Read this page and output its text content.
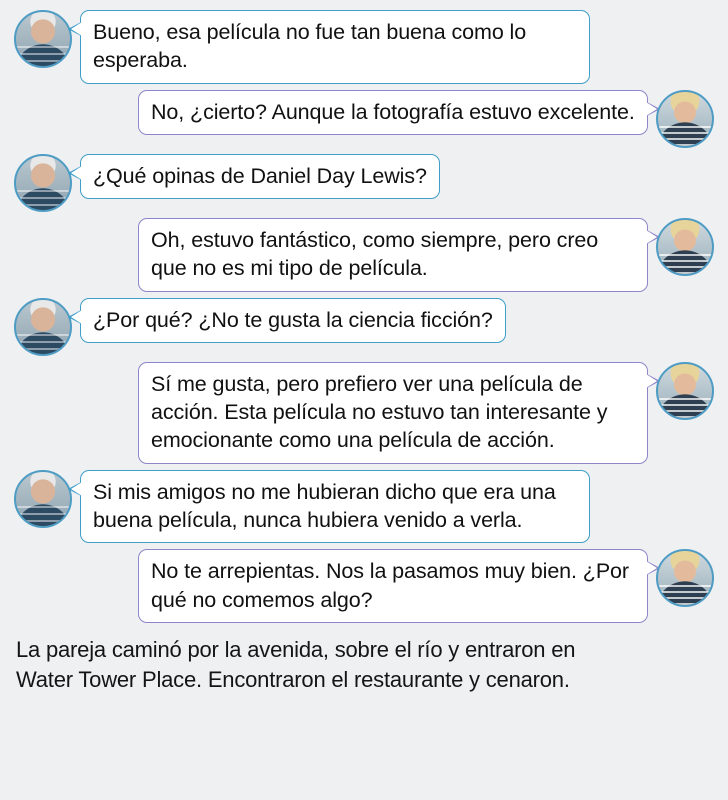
Bueno, esa película no fue tan buena como lo esperaba.
No, ¿cierto? Aunque la fotografía estuvo excelente.
¿Qué opinas de Daniel Day Lewis?
Oh, estuvo fantástico, como siempre, pero creo que no es mi tipo de película.
¿Por qué? ¿No te gusta la ciencia ficción?
Sí me gusta, pero prefiero ver una película de acción. Esta película no estuvo tan interesante y emocionante como una película de acción.
Si mis amigos no me hubieran dicho que era una buena película, nunca hubiera venido a verla.
No te arrepientas. Nos la pasamos muy bien. ¿Por qué no comemos algo?
La pareja caminó por la avenida, sobre el río y entraron en
Water Tower Place. Encontraron el restaurante y cenaron.
